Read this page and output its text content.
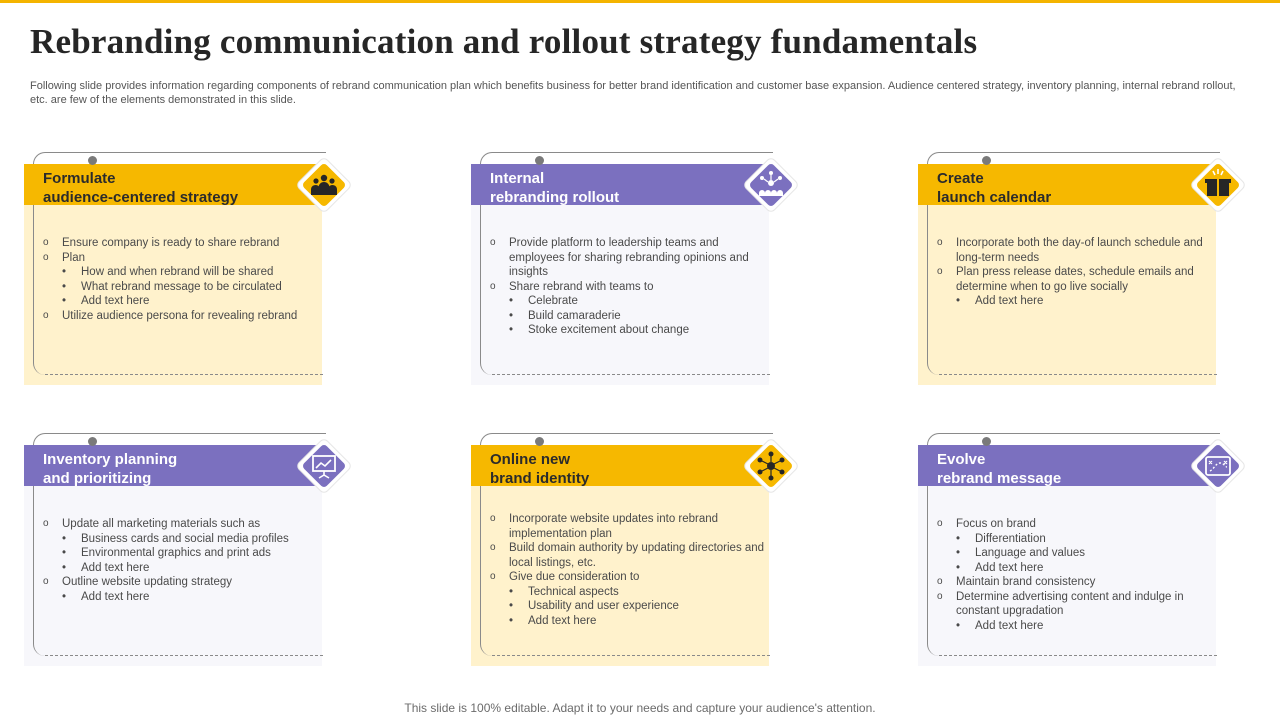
Rebranding communication and rollout strategy fundamentals

Following slide provides information regarding components of rebrand communication plan which benefits business for better brand identification and customer base expansion. Audience centered strategy, inventory planning, internal rebrand rollout, etc. are few of the elements demonstrated in this slide.

Formulate
audience-centered strategy
o Ensure company is ready to share rebrand
o Plan
• How and when rebrand will be shared
• What rebrand message to be circulated
• Add text here
o Utilize audience persona for revealing rebrand
Internal
rebranding rollout
o Provide platform to leadership teams and employees for sharing rebranding opinions and insights
o Share rebrand with teams to
• Celebrate
• Build camaraderie
• Stoke excitement about change
Create
launch calendar
o Incorporate both the day-of launch schedule and long-term needs
o Plan press release dates, schedule emails and determine when to go live socially
• Add text here
Inventory planning
and prioritizing
o Update all marketing materials such as
• Business cards and social media profiles
• Environmental graphics and print ads
• Add text here
o Outline website updating strategy
• Add text here
Online new
brand identity
o Incorporate website updates into rebrand implementation plan
o Build domain authority by updating directories and local listings, etc.
o Give due consideration to
• Technical aspects
• Usability and user experience
• Add text here
Evolve
rebrand message
o Focus on brand
• Differentiation
• Language and values
• Add text here
o Maintain brand consistency
o Determine advertising content and indulge in constant upgradation
• Add text here
This slide is 100% editable. Adapt it to your needs and capture your audience's attention.
